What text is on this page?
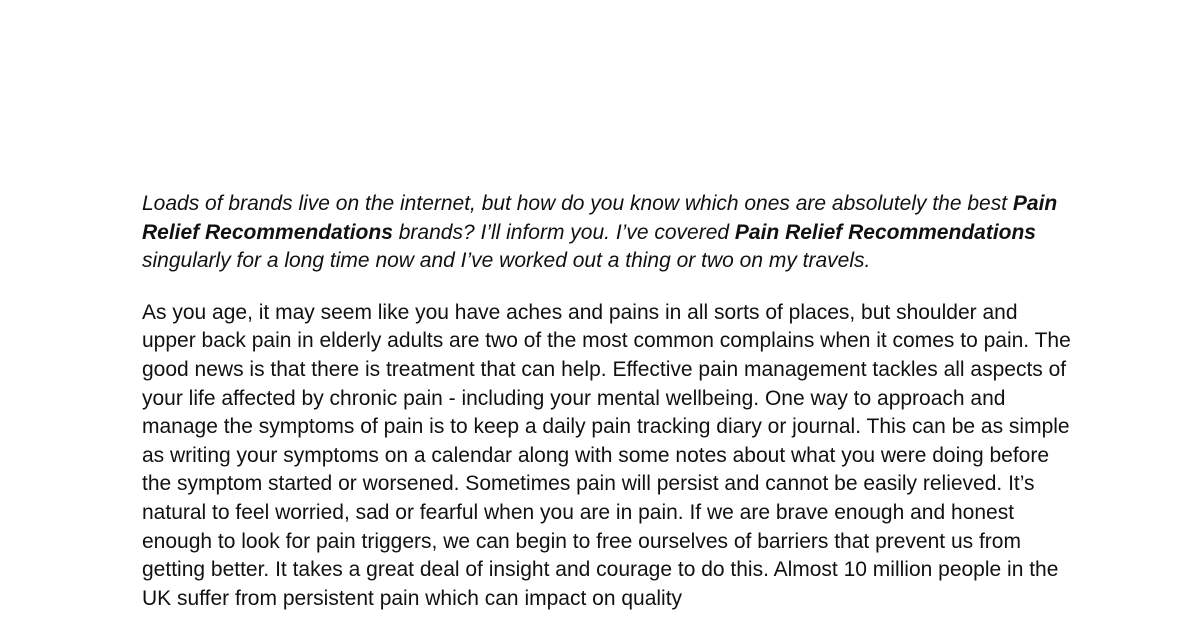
Loads of brands live on the internet, but how do you know which ones are absolutely the best Pain Relief Recommendations brands? I’ll inform you. I’ve covered Pain Relief Recommendations singularly for a long time now and I’ve worked out a thing or two on my travels.

As you age, it may seem like you have aches and pains in all sorts of places, but shoulder and upper back pain in elderly adults are two of the most common complains when it comes to pain. The good news is that there is treatment that can help. Effective pain management tackles all aspects of your life affected by chronic pain - including your mental wellbeing. One way to approach and manage the symptoms of pain is to keep a daily pain tracking diary or journal. This can be as simple as writing your symptoms on a calendar along with some notes about what you were doing before the symptom started or worsened. Sometimes pain will persist and cannot be easily relieved. It’s natural to feel worried, sad or fearful when you are in pain. If we are brave enough and honest enough to look for pain triggers, we can begin to free ourselves of barriers that prevent us from getting better. It takes a great deal of insight and courage to do this. Almost 10 million people in the UK suffer from persistent pain which can impact on quality
